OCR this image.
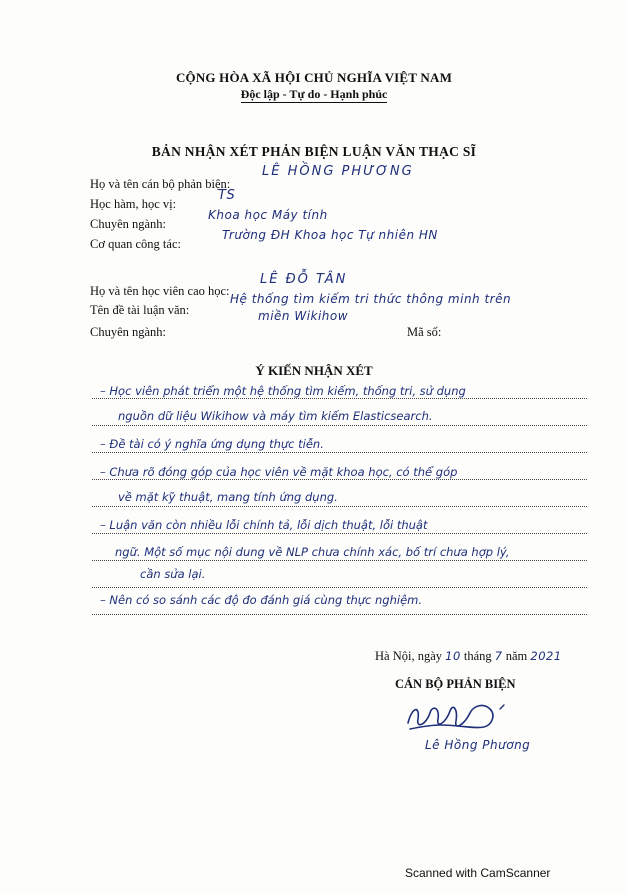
CỘNG HÒA XÃ HỘI CHỦ NGHĨA VIỆT NAM
Độc lập - Tự do - Hạnh phúc
BẢN NHẬN XÉT PHẢN BIỆN LUẬN VĂN THẠC SĨ
Họ và tên cán bộ phản biện:
LÊ HỒNG PHƯƠNG
Học hàm, học vị:
TS
Chuyên ngành:
Khoa học Máy tính
Cơ quan công tác:
Trường ĐH Khoa học Tự nhiên HN
Họ và tên học viên cao học:
LÊ ĐỖ TÂN
Tên đề tài luận văn:
Hệ thống tìm kiếm tri thức thông minh trên
miền Wikihow
Chuyên ngành:	Mã số:
Ý KIẾN NHẬN XÉT
– Học viên phát triển một hệ thống tìm kiếm, thống tri, sử dụng
nguồn dữ liệu Wikihow và máy tìm kiếm Elasticsearch.
– Đề tài có ý nghĩa ứng dụng thực tiễn.
– Chưa rõ đóng góp của học viên về mặt khoa học, có thể góp
về mặt kỹ thuật, mang tính ứng dụng.
– Luận văn còn nhiều lỗi chính tả, lỗi dịch thuật, lỗi thuật
ngữ. Một số mục nội dung về NLP chưa chính xác, bố trí chưa hợp lý,
cần sửa lại.
– Nên có so sánh các độ đo đánh giá cùng thực nghiệm.
Hà Nội, ngày 10 tháng 7 năm 2021
CÁN BỘ PHẢN BIỆN
Lê Hồng Phương
Scanned with CamScanner
